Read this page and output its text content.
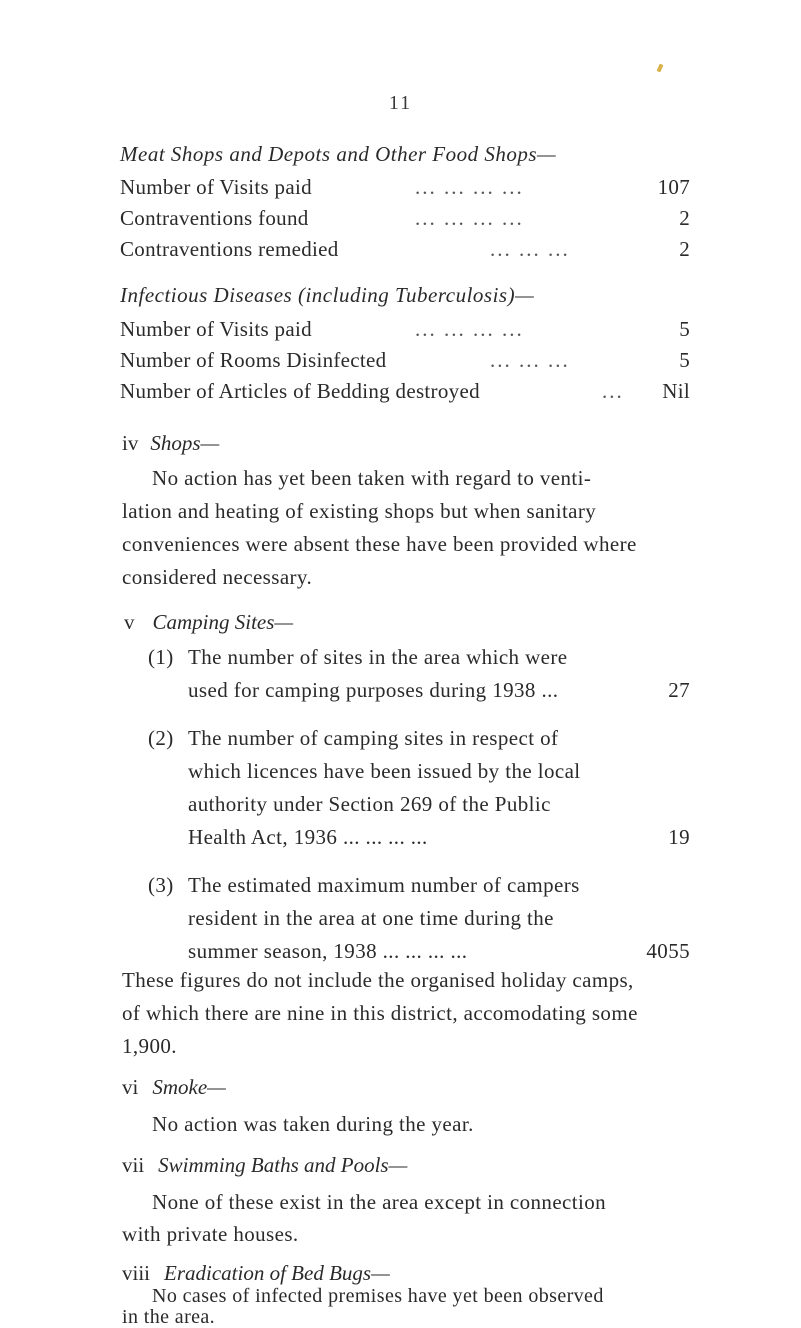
11
Meat Shops and Depots and Other Food Shops—
Number of Visits paid	... ... ... ...	107
Contraventions found	... ... ... ...	2
Contraventions remedied	... ... ...	2
Infectious Diseases (including Tuberculosis)—
Number of Visits paid	... ... ... ...	5
Number of Rooms Disinfected	... ... ...	5
Number of Articles of Bedding destroyed	... Nil
iv Shops—
No action has yet been taken with regard to venti-
lation and heating of existing shops but when sanitary
conveniences were absent these have been provided where
considered necessary.
v Camping Sites—
(1) The number of sites in the area which were
used for camping purposes during 1938 ...	27
(2) The number of camping sites in respect of
which licences have been issued by the local
authority under Section 269 of the Public
Health Act, 1936 ... ... ... ...	19
(3) The estimated maximum number of campers
resident in the area at one time during the
summer season, 1938 ... ... ... ...	4055
These figures do not include the organised holiday camps,
of which there are nine in this district, accomodating some
1,900.
vi Smoke—
No action was taken during the year.
vii Swimming Baths and Pools—
None of these exist in the area except in connection
with private houses.
viii Eradication of Bed Bugs—
No cases of infected premises have yet been observed
in the area.
